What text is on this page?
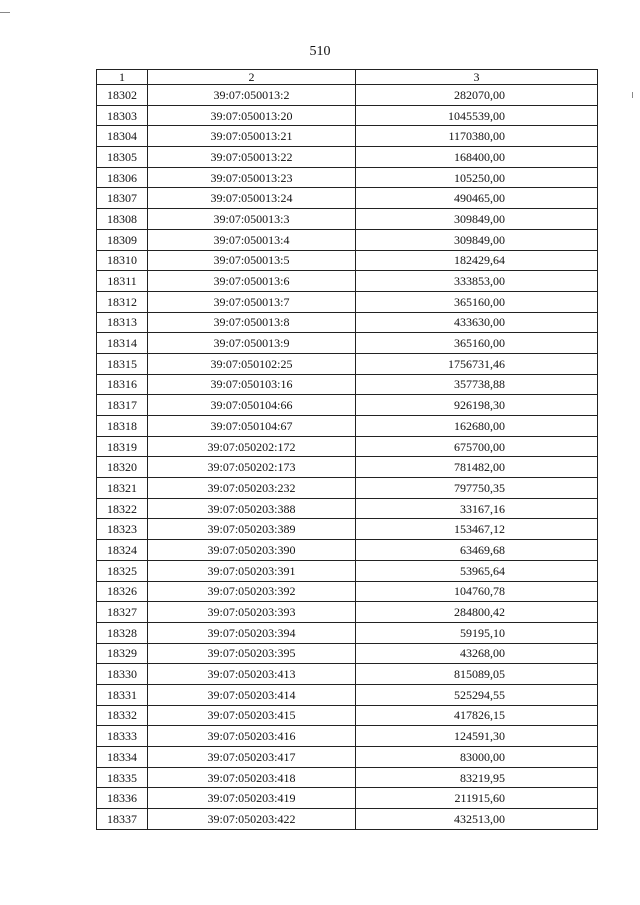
510
1	2	3
18302	39:07:050013:2	282070,00
18303	39:07:050013:20	1045539,00
18304	39:07:050013:21	1170380,00
18305	39:07:050013:22	168400,00
18306	39:07:050013:23	105250,00
18307	39:07:050013:24	490465,00
18308	39:07:050013:3	309849,00
18309	39:07:050013:4	309849,00
18310	39:07:050013:5	182429,64
18311	39:07:050013:6	333853,00
18312	39:07:050013:7	365160,00
18313	39:07:050013:8	433630,00
18314	39:07:050013:9	365160,00
18315	39:07:050102:25	1756731,46
18316	39:07:050103:16	357738,88
18317	39:07:050104:66	926198,30
18318	39:07:050104:67	162680,00
18319	39:07:050202:172	675700,00
18320	39:07:050202:173	781482,00
18321	39:07:050203:232	797750,35
18322	39:07:050203:388	33167,16
18323	39:07:050203:389	153467,12
18324	39:07:050203:390	63469,68
18325	39:07:050203:391	53965,64
18326	39:07:050203:392	104760,78
18327	39:07:050203:393	284800,42
18328	39:07:050203:394	59195,10
18329	39:07:050203:395	43268,00
18330	39:07:050203:413	815089,05
18331	39:07:050203:414	525294,55
18332	39:07:050203:415	417826,15
18333	39:07:050203:416	124591,30
18334	39:07:050203:417	83000,00
18335	39:07:050203:418	83219,95
18336	39:07:050203:419	211915,60
18337	39:07:050203:422	432513,00
